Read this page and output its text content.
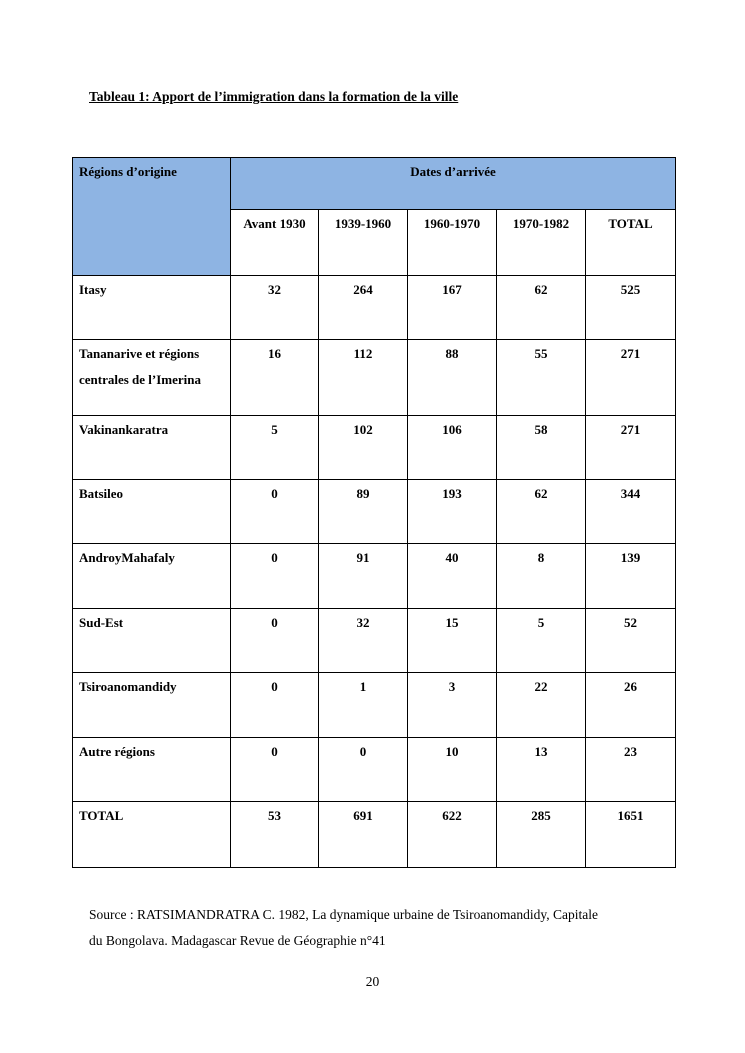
Tableau 1: Apport de l’immigration dans la formation de la ville
Régions d’origine	Dates d’arrivée				

	Avant 1930	1939-1960	1960-1970	1970-1982	TOTAL

Itasy	32	264	167	62	525

Tananarive et régions centrales de l’Imerina	16	112	88	55	271

Vakinankaratra	5	102	106	58	271

Batsileo	0	89	193	62	344

AndroyMahafaly	0	91	40	8	139

Sud-Est	0	32	15	5	52

Tsiroanomandidy	0	1	3	22	26

Autre régions	0	0	10	13	23

TOTAL	53	691	622	285	1651
Source : RATSIMANDRATRA C. 1982, La dynamique urbaine de Tsiroanomandidy, Capitale
du Bongolava. Madagascar Revue de Géographie n°41
20
